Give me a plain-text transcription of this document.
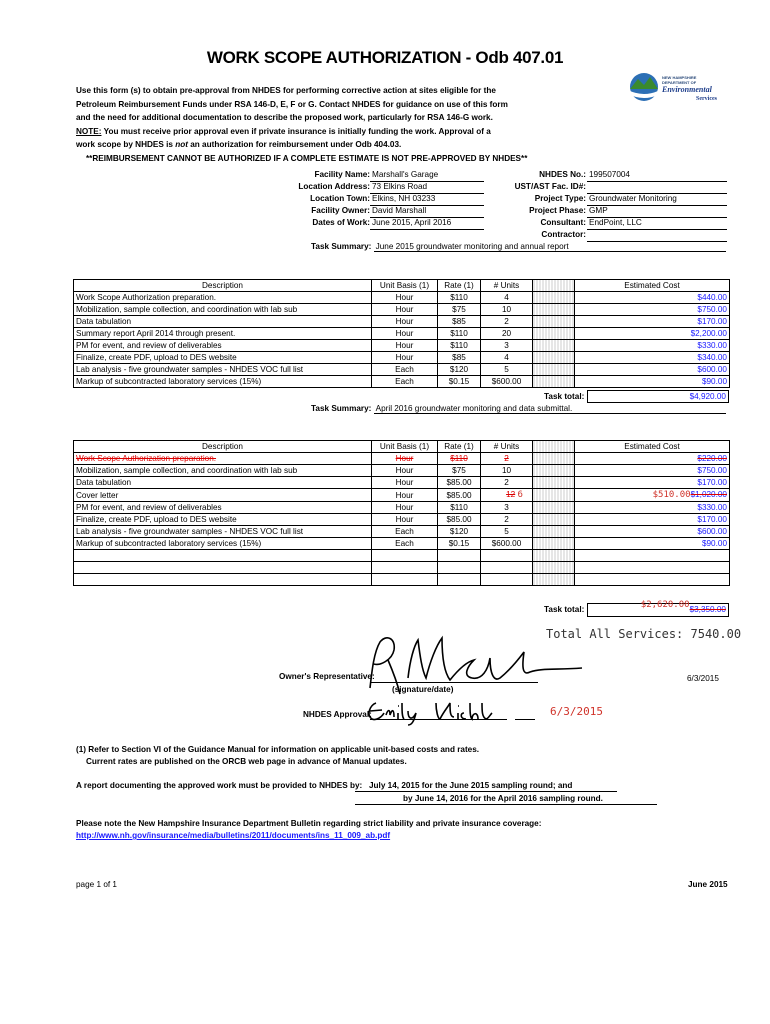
WORK SCOPE AUTHORIZATION - Odb 407.01
NEW HAMPSHIRE
DEPARTMENT OF
Environmental
Services
Use this form (s) to obtain pre-approval from NHDES for performing corrective action at sites eligible for the
Petroleum Reimbursement Funds under RSA 146-D, E, F or G. Contact NHDES for guidance on use of this form
and the need for additional documentation to describe the proposed work, particularly for RSA 146-G work.
NOTE: You must receive prior approval even if private insurance is initially funding the work. Approval of a
work scope by NHDES is not an authorization for reimbursement under Odb 404.03.
**REIMBURSEMENT CANNOT BE AUTHORIZED IF A COMPLETE ESTIMATE IS NOT PRE-APPROVED BY NHDES**
Facility Name: Marshall's Garage
Location Address: 73 Elkins Road
Location Town: Elkins, NH 03233
Facility Owner: David Marshall
Dates of Work: June 2015, April 2016
NHDES No.: 199507004
UST/AST Fac. ID#:
Project Type: Groundwater Monitoring
Project Phase: GMP
Consultant: EndPoint, LLC
Contractor:
Task Summary: June 2015 groundwater monitoring and annual report
Description	Unit Basis (1)	Rate (1)	# Units		Estimated Cost
Work Scope Authorization preparation.	Hour	$110	4		$440.00
Mobilization, sample collection, and coordination with lab sub	Hour	$75	10		$750.00
Data tabulation	Hour	$85	2		$170.00
Summary report April 2014 through present.	Hour	$110	20		$2,200.00
PM for event, and review of deliverables	Hour	$110	3		$330.00
Finalize, create PDF, upload to DES website	Hour	$85	4		$340.00
Lab analysis - five groundwater samples - NHDES VOC full list	Each	$120	5		$600.00
Markup of subcontracted laboratory services (15%)	Each	$0.15	$600.00		$90.00
Task total:	$4,920.00
Task Summary: April 2016 groundwater monitoring and data submittal.
Description	Unit Basis (1)	Rate (1)	# Units		Estimated Cost
Work Scope Authorization preparation.	Hour	$110	2		$220.00
Mobilization, sample collection, and coordination with lab sub	Hour	$75	10		$750.00
Data tabulation	Hour	$85.00	2		$170.00
Cover letter	Hour	$85.00	12 6		$510.00$1,020.00
PM for event, and review of deliverables	Hour	$110	3		$330.00
Finalize, create PDF, upload to DES website	Hour	$85.00	2		$170.00
Lab analysis - five groundwater samples - NHDES VOC full list	Each	$120	5		$600.00
Markup of subcontracted laboratory services (15%)	Each	$0.15	$600.00		$90.00

Task total:	$2,620.00$3,350.00
Total All Services: 7540.00
Owner's Representative:
(signature/date)
6/3/2015
NHDES Approval:	6/3/2015
(1) Refer to Section VI of the Guidance Manual for information on applicable unit-based costs and rates.
Current rates are published on the ORCB web page in advance of Manual updates.
A report documenting the approved work must be provided to NHDES by: July 14, 2015 for the June 2015 sampling round; and
by June 14, 2016 for the April 2016 sampling round.
Please note the New Hampshire Insurance Department Bulletin regarding strict liability and private insurance coverage:
http://www.nh.gov/insurance/media/bulletins/2011/documents/ins_11_009_ab.pdf
page 1 of 1	June 2015
